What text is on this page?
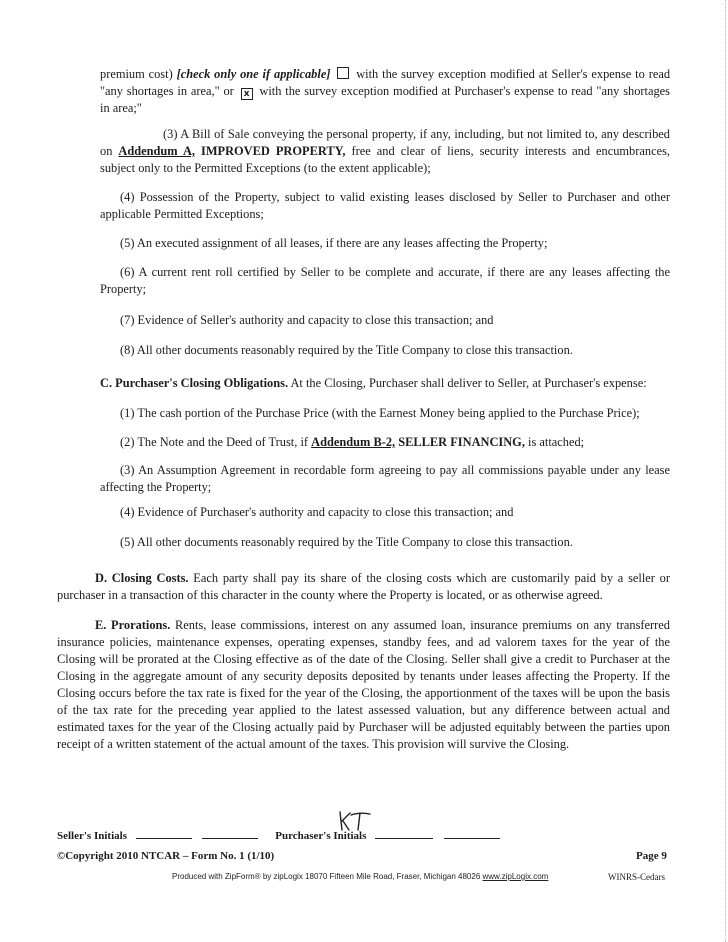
premium cost) [check only one if applicable]  with the survey exception modified at Seller's expense to read "any shortages in area," or x with the survey exception modified at Purchaser's expense to read "any shortages in area;"

(3) A Bill of Sale conveying the personal property, if any, including, but not limited to, any described on Addendum A, IMPROVED PROPERTY, free and clear of liens, security interests and encumbrances, subject only to the Permitted Exceptions (to the extent applicable);

(4) Possession of the Property, subject to valid existing leases disclosed by Seller to Purchaser and other applicable Permitted Exceptions;

(5) An executed assignment of all leases, if there are any leases affecting the Property;

(6) A current rent roll certified by Seller to be complete and accurate, if there are any leases affecting the Property;

(7) Evidence of Seller's authority and capacity to close this transaction; and

(8) All other documents reasonably required by the Title Company to close this transaction.

C. Purchaser's Closing Obligations. At the Closing, Purchaser shall deliver to Seller, at Purchaser's expense:

(1) The cash portion of the Purchase Price (with the Earnest Money being applied to the Purchase Price);

(2) The Note and the Deed of Trust, if Addendum B-2, SELLER FINANCING, is attached;

(3) An Assumption Agreement in recordable form agreeing to pay all commissions payable under any lease affecting the Property;

(4) Evidence of Purchaser's authority and capacity to close this transaction; and

(5) All other documents reasonably required by the Title Company to close this transaction.

D. Closing Costs. Each party shall pay its share of the closing costs which are customarily paid by a seller or purchaser in a transaction of this character in the county where the Property is located, or as otherwise agreed.

E. Prorations. Rents, lease commissions, interest on any assumed loan, insurance premiums on any transferred insurance policies, maintenance expenses, operating expenses, standby fees, and ad valorem taxes for the year of the Closing will be prorated at the Closing effective as of the date of the Closing. Seller shall give a credit to Purchaser at the Closing in the aggregate amount of any security deposits deposited by tenants under leases affecting the Property. If the Closing occurs before the tax rate is fixed for the year of the Closing, the apportionment of the taxes will be upon the basis of the tax rate for the preceding year applied to the latest assessed valuation, but any difference between actual and estimated taxes for the year of the Closing actually paid by Purchaser will be adjusted equitably between the parties upon receipt of a written statement of the actual amount of the taxes. This provision will survive the Closing.

Seller's Initials	Purchaser's Initials
©Copyright 2010 NTCAR – Form No. 1 (1/10)	Page 9
Produced with ZipForm® by zipLogix 18070 Fifteen Mile Road, Fraser, Michigan 48026 www.zipLogix.com	WINRS-Cedars
